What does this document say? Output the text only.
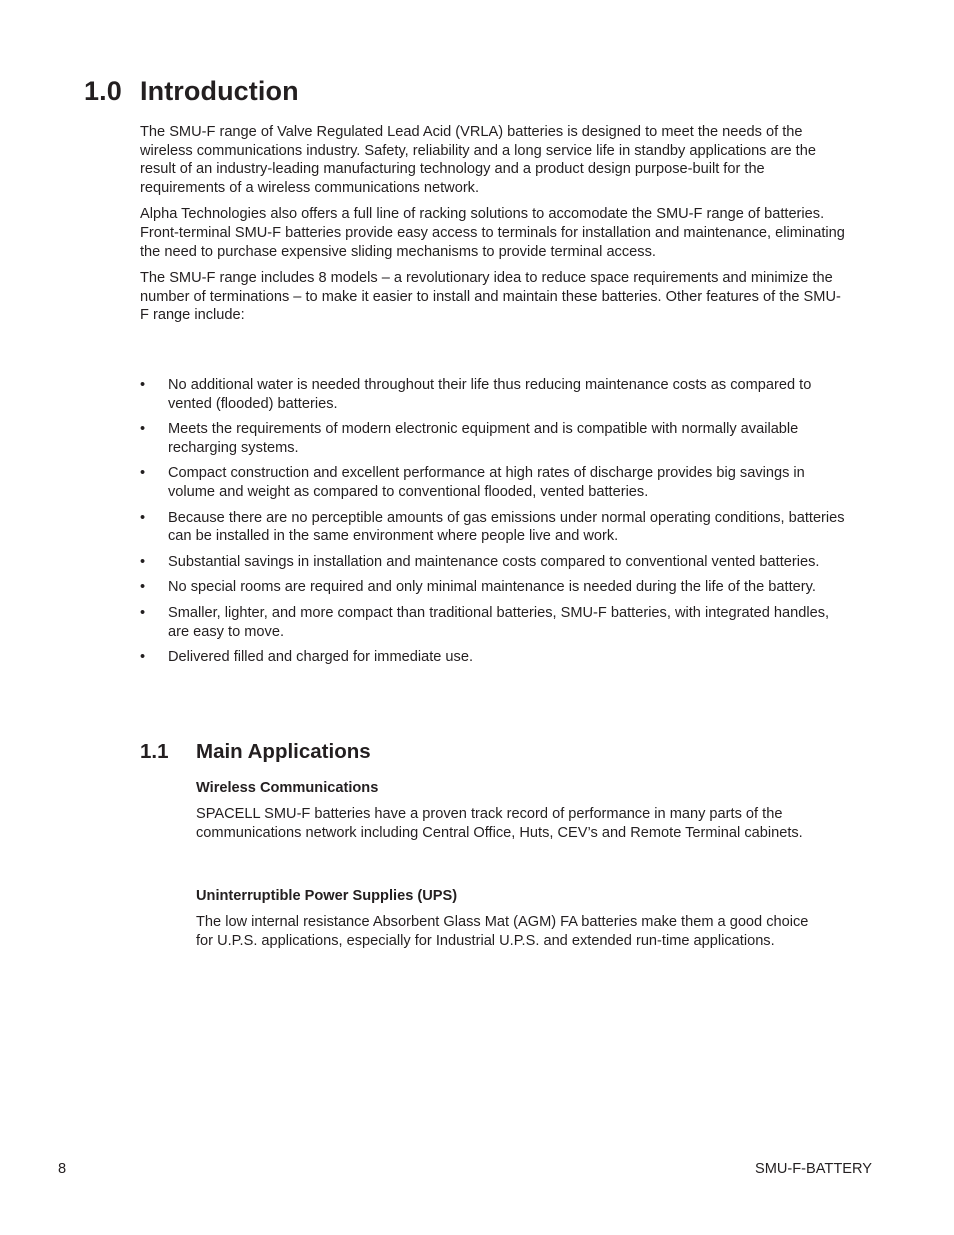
1.0 Introduction

The SMU-F range of Valve Regulated Lead Acid (VRLA) batteries is designed to meet the needs of the wireless communications industry. Safety, reliability and a long service life in standby applications are the result of an industry-leading manufacturing technology and a product design purpose-built for the requirements of a wireless communications network.

Alpha Technologies also offers a full line of racking solutions to accomodate the SMU-F range of batteries. Front-terminal SMU-F batteries provide easy access to terminals for installation and maintenance, eliminating the need to purchase expensive sliding mechanisms to provide terminal access.

The SMU-F range includes 8 models – a revolutionary idea to reduce space requirements and minimize the number of terminations – to make it easier to install and maintain these batteries. Other features of the SMU-F range include:

• No additional water is needed throughout their life thus reducing maintenance costs as compared to vented (flooded) batteries.
• Meets the requirements of modern electronic equipment and is compatible with normally available recharging systems.
• Compact construction and excellent performance at high rates of discharge provides big savings in volume and weight as compared to conventional flooded, vented batteries.
• Because there are no perceptible amounts of gas emissions under normal operating conditions, batteries can be installed in the same environment where people live and work.
• Substantial savings in installation and maintenance costs compared to conventional vented batteries.
• No special rooms are required and only minimal maintenance is needed during the life of the battery.
• Smaller, lighter, and more compact than traditional batteries, SMU-F batteries, with integrated handles, are easy to move.
• Delivered filled and charged for immediate use.
1.1 Main Applications

Wireless Communications

SPACELL SMU-F batteries have a proven track record of performance in many parts of the communications network including Central Office, Huts, CEV’s and Remote Terminal cabinets.

Uninterruptible Power Supplies (UPS)

The low internal resistance Absorbent Glass Mat (AGM) FA batteries make them a good choice for U.P.S. applications, especially for Industrial U.P.S. and extended run-time applications.

8	SMU-F-BATTERY
